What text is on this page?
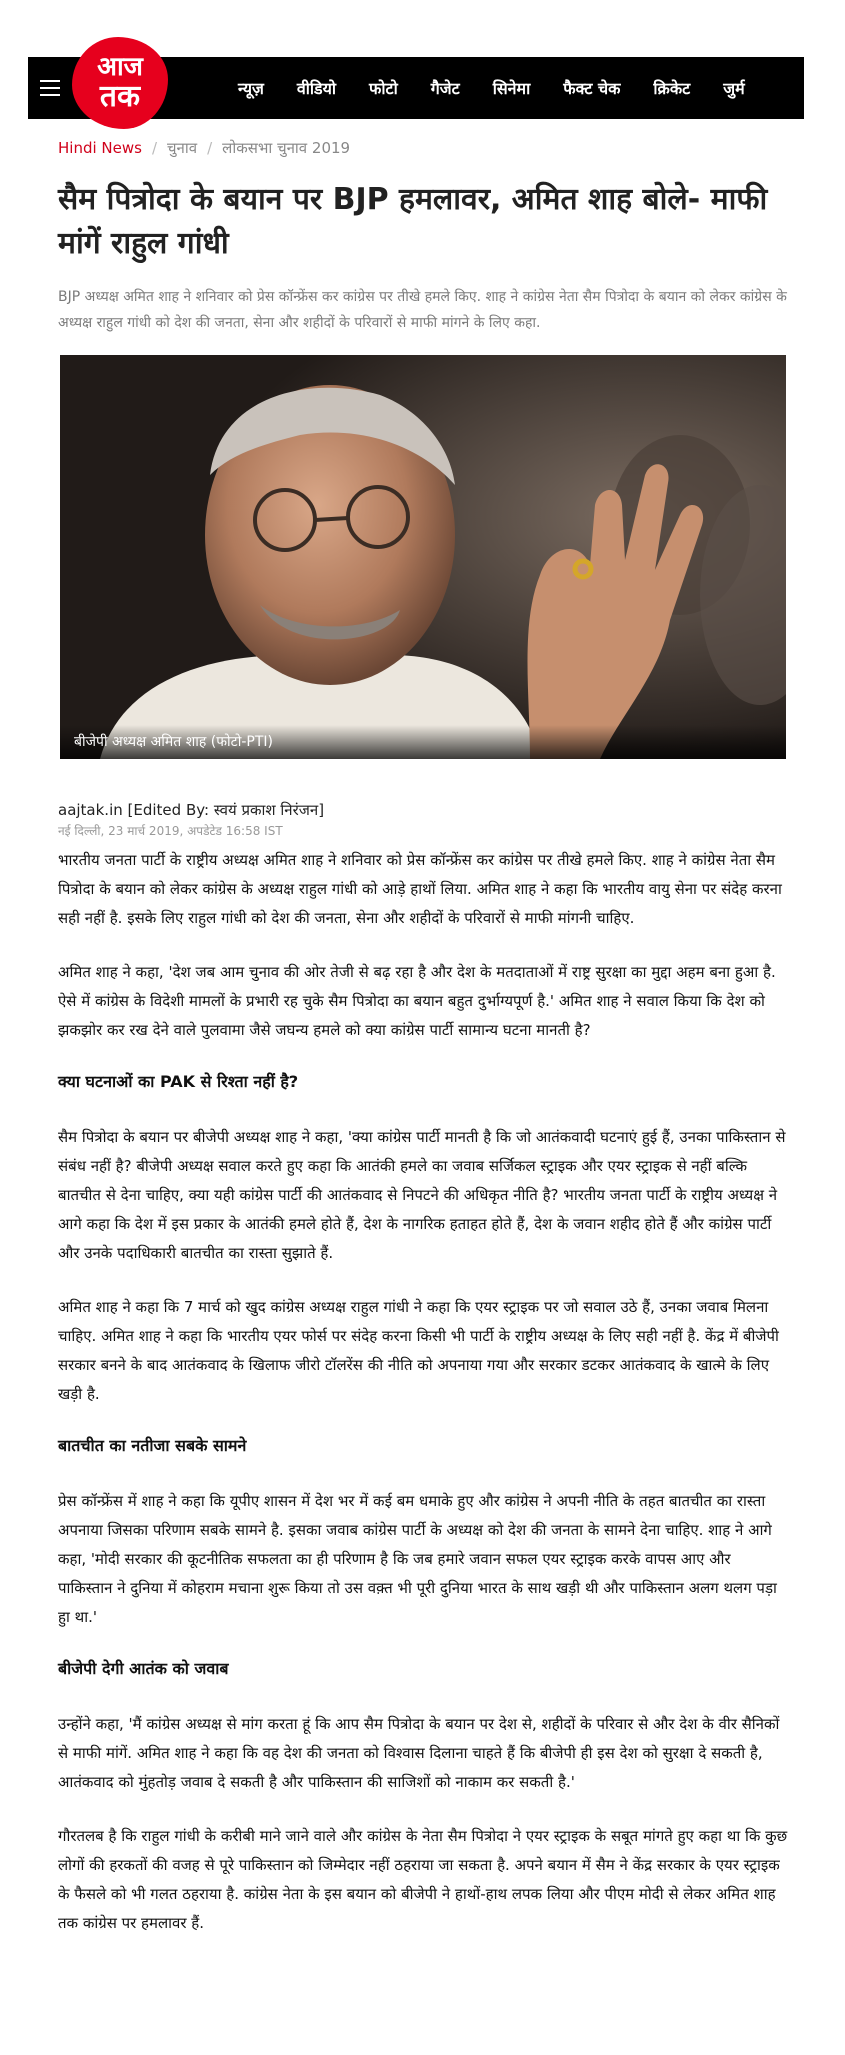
आज
तक	न्यूज़ वीडियो फोटो गैजेट सिनेमा फैक्ट चेक क्रिकेट जुर्म
Hindi News / चुनाव / लोकसभा चुनाव 2019
सैम पित्रोदा के बयान पर BJP हमलावर, अमित शाह बोले- माफी मांगें राहुल गांधी

BJP अध्यक्ष अमित शाह ने शनिवार को प्रेस कॉन्फ्रेंस कर कांग्रेस पर तीखे हमले किए. शाह ने कांग्रेस नेता सैम पित्रोदा के बयान को लेकर कांग्रेस के अध्यक्ष राहुल गांधी को देश की जनता, सेना और शहीदों के परिवारों से माफी मांगने के लिए कहा.

बीजेपी अध्यक्ष अमित शाह (फोटो-PTI)
aajtak.in [Edited By: स्वयं प्रकाश निरंजन]
नई दिल्ली, 23 मार्च 2019, अपडेटेड 16:58 IST

भारतीय जनता पार्टी के राष्ट्रीय अध्यक्ष अमित शाह ने शनिवार को प्रेस कॉन्फ्रेंस कर कांग्रेस पर तीखे हमले किए. शाह ने कांग्रेस नेता सैम पित्रोदा के बयान को लेकर कांग्रेस के अध्यक्ष राहुल गांधी को आड़े हाथों लिया. अमित शाह ने कहा कि भारतीय वायु सेना पर संदेह करना सही नहीं है. इसके लिए राहुल गांधी को देश की जनता, सेना और शहीदों के परिवारों से माफी मांगनी चाहिए.

अमित शाह ने कहा, 'देश जब आम चुनाव की ओर तेजी से बढ़ रहा है और देश के मतदाताओं में राष्ट्र सुरक्षा का मुद्दा अहम बना हुआ है. ऐसे में कांग्रेस के विदेशी मामलों के प्रभारी रह चुके सैम पित्रोदा का बयान बहुत दुर्भाग्यपूर्ण है.' अमित शाह ने सवाल किया कि देश को झकझोर कर रख देने वाले पुलवामा जैसे जघन्य हमले को क्या कांग्रेस पार्टी सामान्य घटना मानती है?

क्या घटनाओं का PAK से रिश्ता नहीं है?

सैम पित्रोदा के बयान पर बीजेपी अध्यक्ष शाह ने कहा, 'क्या कांग्रेस पार्टी मानती है कि जो आतंकवादी घटनाएं हुई हैं, उनका पाकिस्तान से संबंध नहीं है? बीजेपी अध्यक्ष सवाल करते हुए कहा कि आतंकी हमले का जवाब सर्जिकल स्ट्राइक और एयर स्ट्राइक से नहीं बल्कि बातचीत से देना चाहिए, क्या यही कांग्रेस पार्टी की आतंकवाद से निपटने की अधिकृत नीति है? भारतीय जनता पार्टी के राष्ट्रीय अध्यक्ष ने आगे कहा कि देश में इस प्रकार के आतंकी हमले होते हैं, देश के नागरिक हताहत होते हैं, देश के जवान शहीद होते हैं और कांग्रेस पार्टी और उनके पदाधिकारी बातचीत का रास्ता सुझाते हैं.

अमित शाह ने कहा कि 7 मार्च को खुद कांग्रेस अध्यक्ष राहुल गांधी ने कहा कि एयर स्ट्राइक पर जो सवाल उठे हैं, उनका जवाब मिलना चाहिए. अमित शाह ने कहा कि भारतीय एयर फोर्स पर संदेह करना किसी भी पार्टी के राष्ट्रीय अध्यक्ष के लिए सही नहीं है. केंद्र में बीजेपी सरकार बनने के बाद आतंकवाद के खिलाफ जीरो टॉलरेंस की नीति को अपनाया गया और सरकार डटकर आतंकवाद के खात्मे के लिए खड़ी है.

बातचीत का नतीजा सबके सामने

प्रेस कॉन्फ्रेंस में शाह ने कहा कि यूपीए शासन में देश भर में कई बम धमाके हुए और कांग्रेस ने अपनी नीति के तहत बातचीत का रास्ता अपनाया जिसका परिणाम सबके सामने है. इसका जवाब कांग्रेस पार्टी के अध्यक्ष को देश की जनता के सामने देना चाहिए. शाह ने आगे कहा, 'मोदी सरकार की कूटनीतिक सफलता का ही परिणाम है कि जब हमारे जवान सफल एयर स्ट्राइक करके वापस आए और पाकिस्तान ने दुनिया में कोहराम मचाना शुरू किया तो उस वक़्त भी पूरी दुनिया भारत के साथ खड़ी थी और पाकिस्तान अलग थलग पड़ा हुा था.'

बीजेपी देगी आतंक को जवाब

उन्होंने कहा, 'मैं कांग्रेस अध्यक्ष से मांग करता हूं कि आप सैम पित्रोदा के बयान पर देश से, शहीदों के परिवार से और देश के वीर सैनिकों से माफी मांगें. अमित शाह ने कहा कि वह देश की जनता को विश्वास दिलाना चाहते हैं कि बीजेपी ही इस देश को सुरक्षा दे सकती है, आतंकवाद को मुंहतोड़ जवाब दे सकती है और पाकिस्तान की साजिशों को नाकाम कर सकती है.'

गौरतलब है कि राहुल गांधी के करीबी माने जाने वाले और कांग्रेस के नेता सैम पित्रोदा ने एयर स्ट्राइक के सबूत मांगते हुए कहा था कि कुछ लोगों की हरकतों की वजह से पूरे पाकिस्तान को जिम्मेदार नहीं ठहराया जा सकता है. अपने बयान में सैम ने केंद्र सरकार के एयर स्ट्राइक के फैसले को भी गलत ठहराया है. कांग्रेस नेता के इस बयान को बीजेपी ने हाथों-हाथ लपक लिया और पीएम मोदी से लेकर अमित शाह तक कांग्रेस पर हमलावर हैं.
